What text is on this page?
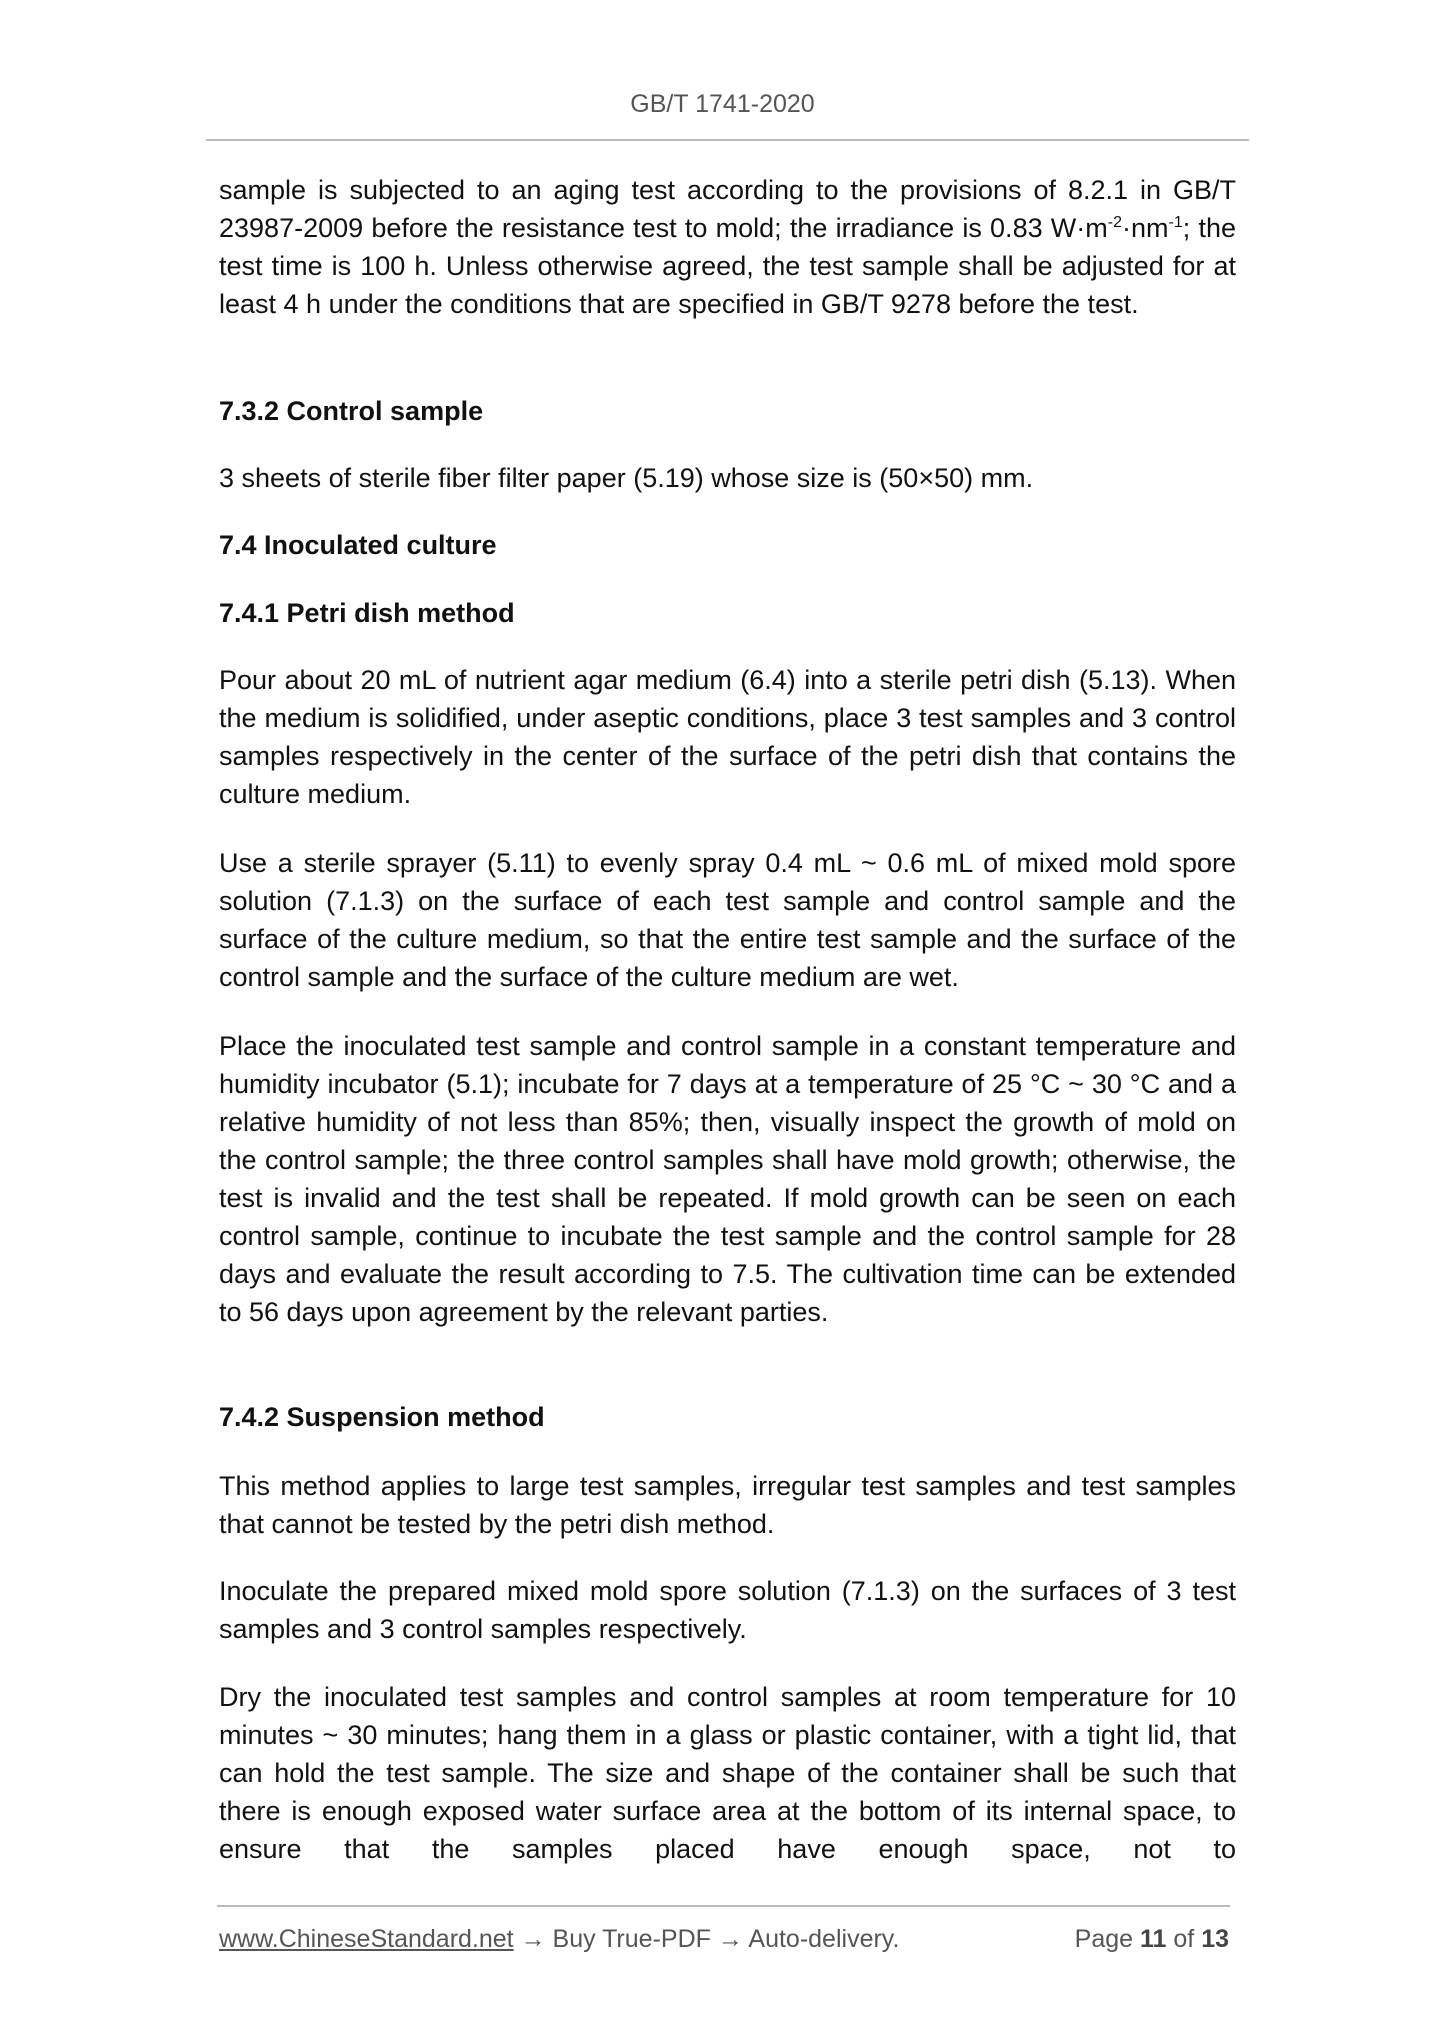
GB/T 1741-2020

sample is subjected to an aging test according to the provisions of 8.2.1 in GB/T 23987-2009 before the resistance test to mold; the irradiance is 0.83 $W\cdot m^{-2}\cdot nm^{-1}$; the test time is 100 h. Unless otherwise agreed, the test sample shall be adjusted for at least 4 h under the conditions that are specified in GB/T 9278 before the test.

7.3.2 Control sample

3 sheets of sterile fiber filter paper (5.19) whose size is (50×50) mm.

7.4 Inoculated culture
7.4.1 Petri dish method

Pour about 20 mL of nutrient agar medium (6.4) into a sterile petri dish (5.13). When the medium is solidified, under aseptic conditions, place 3 test samples and 3 control samples respectively in the center of the surface of the petri dish that contains the culture medium.

Use a sterile sprayer (5.11) to evenly spray 0.4 mL ~ 0.6 mL of mixed mold spore solution (7.1.3) on the surface of each test sample and control sample and the surface of the culture medium, so that the entire test sample and the surface of the control sample and the surface of the culture medium are wet.

Place the inoculated test sample and control sample in a constant temperature and humidity incubator (5.1); incubate for 7 days at a temperature of 25 °C ~ 30 °C and a relative humidity of not less than 85%; then, visually inspect the growth of mold on the control sample; the three control samples shall have mold growth; otherwise, the test is invalid and the test shall be repeated. If mold growth can be seen on each control sample, continue to incubate the test sample and the control sample for 28 days and evaluate the result according to 7.5. The cultivation time can be extended to 56 days upon agreement by the relevant parties.

7.4.2 Suspension method

This method applies to large test samples, irregular test samples and test samples that cannot be tested by the petri dish method.

Inoculate the prepared mixed mold spore solution (7.1.3) on the surfaces of 3 test samples and 3 control samples respectively.

Dry the inoculated test samples and control samples at room temperature for 10 minutes ~ 30 minutes; hang them in a glass or plastic container, with a tight lid, that can hold the test sample. The size and shape of the container shall be such that there is enough exposed water surface area at the bottom of its internal space, to ensure that the samples placed have enough space, not to

www.ChineseStandard.net → Buy True-PDF → Auto-delivery.	Page 11 of 13
